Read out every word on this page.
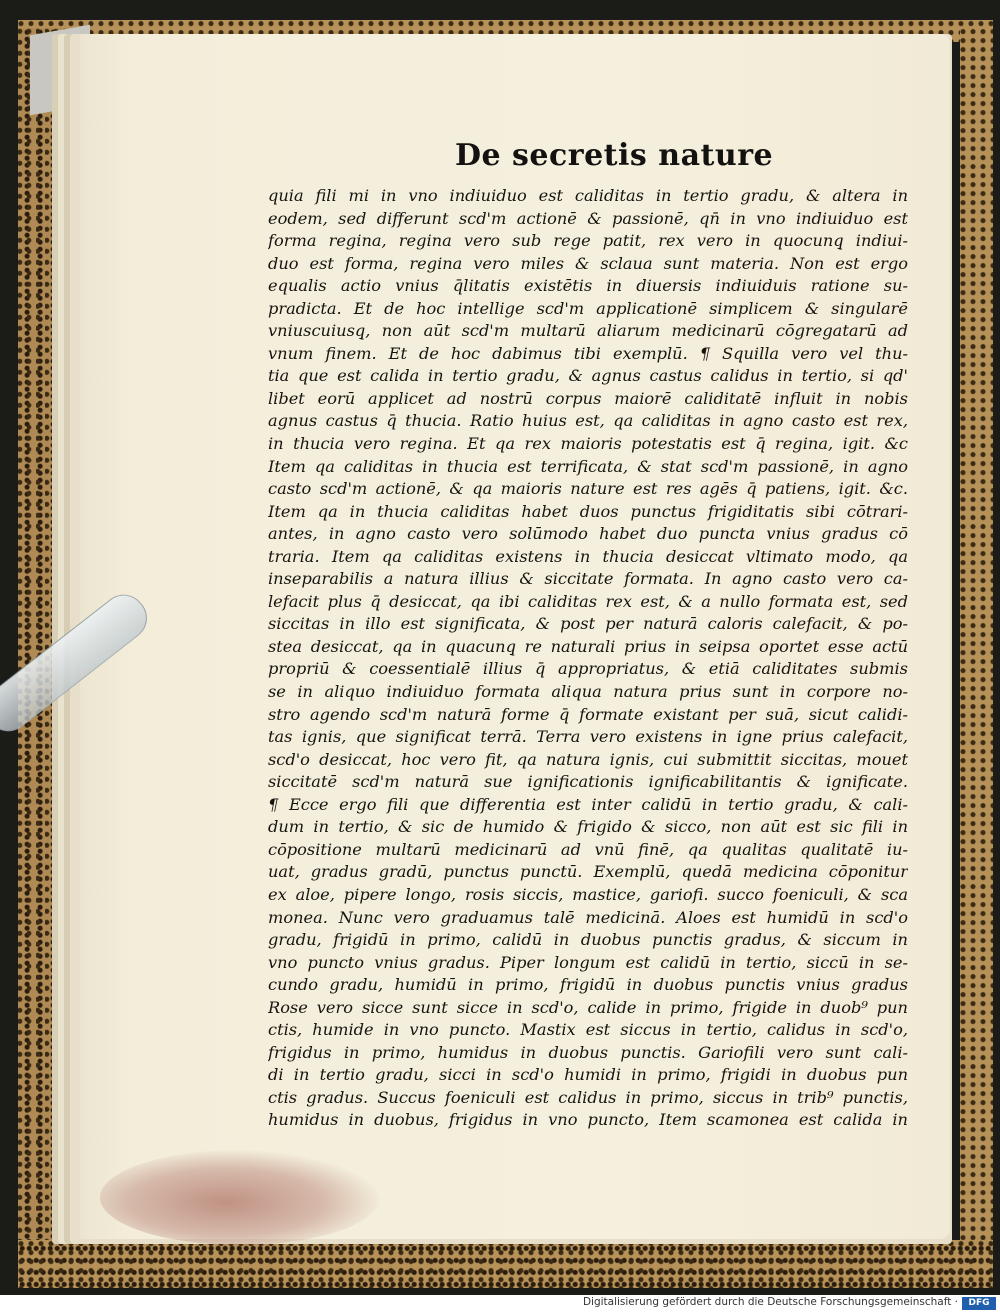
De secretis nature
quia fili mi in vno indiuiduo est caliditas in tertio gradu, & altera in
eodem, sed differunt scd'm actionē & passionē, qn̄ in vno indiuiduo est
forma regina, regina vero sub rege patit, rex vero in quocunq̧ indiui-
duo est forma, regina vero miles & sclaua sunt materia. Non est ergo
equalis actio vnius q̄litatis existētis in diuersis indiuiduis ratione su-
pradicta. Et de hoc intellige scd'm applicationē simplicem & singularē
vniuscuiusq̧, non aūt scd'm multarū aliarum medicinarū cōgregatarū ad
vnum finem. Et de hoc dabimus tibi exemplū. ¶ Squilla vero vel thu-
tia que est calida in tertio gradu, & agnus castus calidus in tertio, si qd'
libet eorū applicet ad nostrū corpus maiorē caliditatē influit in nobis
agnus castus q̄ thucia. Ratio huius est, qa caliditas in agno casto est rex,
in thucia vero regina. Et qa rex maioris potestatis est q̄ regina, igit. &c
Item qa caliditas in thucia est terrificata, & stat scd'm passionē, in agno
casto scd'm actionē, & qa maioris nature est res agēs q̄ patiens, igit. &c.
Item qa in thucia caliditas habet duos punctus frigiditatis sibi cōtrari-
antes, in agno casto vero solūmodo habet duo puncta vnius gradus cō
traria. Item qa caliditas existens in thucia desiccat vltimato modo, qa
inseparabilis a natura illius & siccitate formata. In agno casto vero ca-
lefacit plus q̄ desiccat, qa ibi caliditas rex est, & a nullo formata est, sed
siccitas in illo est significata, & post per naturā caloris calefacit, & po-
stea desiccat, qa in quacunq̧ re naturali prius in seipsa oportet esse actū
propriū & coessentialē illius q̄ appropriatus, & etiā caliditates submis
se in aliquo indiuiduo formata aliqua natura prius sunt in corpore no-
stro agendo scd'm naturā forme q̄ formate existant per suā, sicut calidi-
tas ignis, que significat terrā. Terra vero existens in igne prius calefacit,
scd'o desiccat, hoc vero fit, qa natura ignis, cui submittit siccitas, mouet
siccitatē scd'm naturā sue ignificationis ignificabilitantis & ignificate.
¶ Ecce ergo fili que differentia est inter calidū in tertio gradu, & cali-
dum in tertio, & sic de humido & frigido & sicco, non aūt est sic fili in
cōpositione multarū medicinarū ad vnū finē, qa qualitas qualitatē iu-
uat, gradus gradū, punctus punctū. Exemplū, quedā medicina cōponitur
ex aloe, pipere longo, rosis siccis, mastice, gariofi. succo foeniculi, & sca
monea. Nunc vero graduamus talē medicinā. Aloes est humidū in scd'o
gradu, frigidū in primo, calidū in duobus punctis gradus, & siccum in
vno puncto vnius gradus. Piper longum est calidū in tertio, siccū in se-
cundo gradu, humidū in primo, frigidū in duobus punctis vnius gradus
Rose vero sicce sunt sicce in scd'o, calide in primo, frigide in duob⁹ pun
ctis, humide in vno puncto. Mastix est siccus in tertio, calidus in scd'o,
frigidus in primo, humidus in duobus punctis. Gariofili vero sunt cali-
di in tertio gradu, sicci in scd'o humidi in primo, frigidi in duobus pun
ctis gradus. Succus foeniculi est calidus in primo, siccus in trib⁹ punctis,
humidus in duobus, frigidus in vno puncto, Item scamonea est calida in
Digitalisierung gefördert durch die Deutsche Forschungsgemeinschaft ·	DFG
